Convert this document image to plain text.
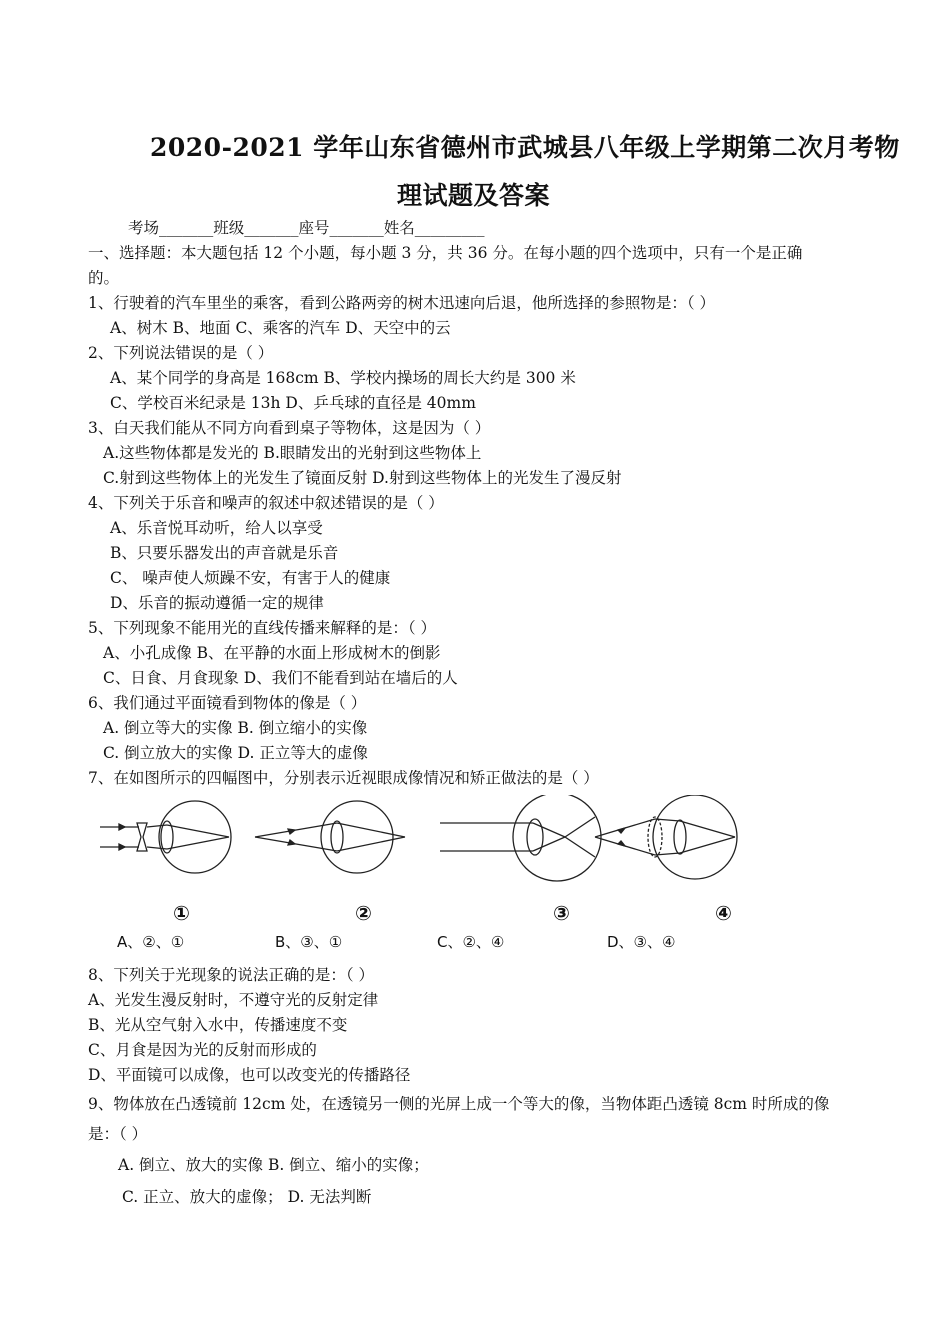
2020-2021 学年山东省德州市武城县八年级上学期第二次月考物
理试题及答案
考场_______班级_______座号_______姓名_________
一、选择题：本大题包括 12 个小题，每小题 3 分，共 36 分。在每小题的四个选项中，只有一个是正确
的。
1、行驶着的汽车里坐的乘客，看到公路两旁的树木迅速向后退，他所选择的参照物是：（ ）
A、树木 B、地面 C、乘客的汽车 D、天空中的云
2、下列说法错误的是（ ）
A、某个同学的身高是 168cm B、学校内操场的周长大约是 300 米
C、学校百米纪录是 13h D、乒乓球的直径是 40mm
3、白天我们能从不同方向看到桌子等物体，这是因为（ ）
A.这些物体都是发光的 B.眼睛发出的光射到这些物体上
C.射到这些物体上的光发生了镜面反射 D.射到这些物体上的光发生了漫反射
4、下列关于乐音和噪声的叙述中叙述错误的是（ ）
A、乐音悦耳动听，给人以享受
B、只要乐器发出的声音就是乐音
C、 噪声使人烦躁不安，有害于人的健康
D、乐音的振动遵循一定的规律
5、下列现象不能用光的直线传播来解释的是：（ ）
A、小孔成像 B、在平静的水面上形成树木的倒影
C、日食、月食现象 D、我们不能看到站在墙后的人
6、我们通过平面镜看到物体的像是（ ）
A. 倒立等大的实像 B. 倒立缩小的实像
C. 倒立放大的实像 D. 正立等大的虚像
7、在如图所示的四幅图中，分别表示近视眼成像情况和矫正做法的是（ ）
①	②	③	④
A、②、①	B、③、①	C、②、④	D、③、④
8、下列关于光现象的说法正确的是：（ ）
A、光发生漫反射时，不遵守光的反射定律
B、光从空气射入水中，传播速度不变
C、月食是因为光的反射而形成的
D、平面镜可以成像，也可以改变光的传播路径
9、物体放在凸透镜前 12cm 处，在透镜另一侧的光屏上成一个等大的像，当物体距凸透镜 8cm 时所成的像
是：（ ）
A. 倒立、放大的实像 B. 倒立、缩小的实像；
C. 正立、放大的虚像； D. 无法判断
